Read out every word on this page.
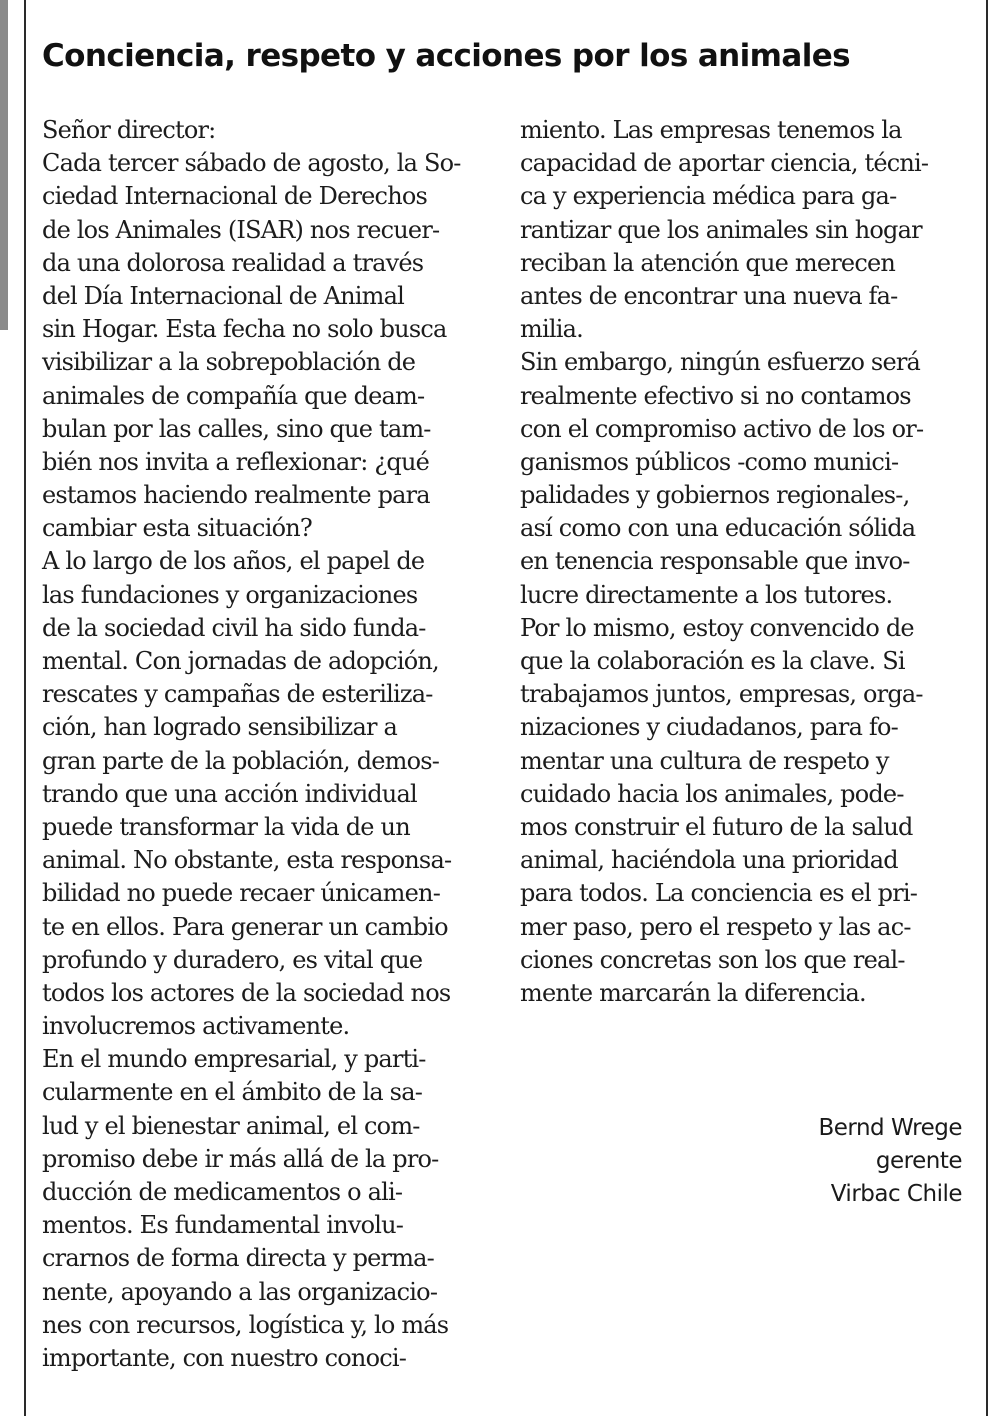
Conciencia, respeto y acciones por los animales
Señor director:
Cada tercer sábado de agosto, la So-
ciedad Internacional de Derechos
de los Animales (ISAR) nos recuer-
da una dolorosa realidad a través
del Día Internacional de Animal
sin Hogar. Esta fecha no solo busca
visibilizar a la sobrepoblación de
animales de compañía que deam-
bulan por las calles, sino que tam-
bién nos invita a reflexionar: ¿qué
estamos haciendo realmente para
cambiar esta situación?
A lo largo de los años, el papel de
las fundaciones y organizaciones
de la sociedad civil ha sido funda-
mental. Con jornadas de adopción,
rescates y campañas de esteriliza-
ción, han logrado sensibilizar a
gran parte de la población, demos-
trando que una acción individual
puede transformar la vida de un
animal. No obstante, esta responsa-
bilidad no puede recaer únicamen-
te en ellos. Para generar un cambio
profundo y duradero, es vital que
todos los actores de la sociedad nos
involucremos activamente.
En el mundo empresarial, y parti-
cularmente en el ámbito de la sa-
lud y el bienestar animal, el com-
promiso debe ir más allá de la pro-
ducción de medicamentos o ali-
mentos. Es fundamental involu-
crarnos de forma directa y perma-
nente, apoyando a las organizacio-
nes con recursos, logística y, lo más
importante, con nuestro conoci-
miento. Las empresas tenemos la
capacidad de aportar ciencia, técni-
ca y experiencia médica para ga-
rantizar que los animales sin hogar
reciban la atención que merecen
antes de encontrar una nueva fa-
milia.
Sin embargo, ningún esfuerzo será
realmente efectivo si no contamos
con el compromiso activo de los or-
ganismos públicos -como munici-
palidades y gobiernos regionales-,
así como con una educación sólida
en tenencia responsable que invo-
lucre directamente a los tutores.
Por lo mismo, estoy convencido de
que la colaboración es la clave. Si
trabajamos juntos, empresas, orga-
nizaciones y ciudadanos, para fo-
mentar una cultura de respeto y
cuidado hacia los animales, pode-
mos construir el futuro de la salud
animal, haciéndola una prioridad
para todos. La conciencia es el pri-
mer paso, pero el respeto y las ac-
ciones concretas son los que real-
mente marcarán la diferencia.
Bernd Wrege
gerente
Virbac Chile
